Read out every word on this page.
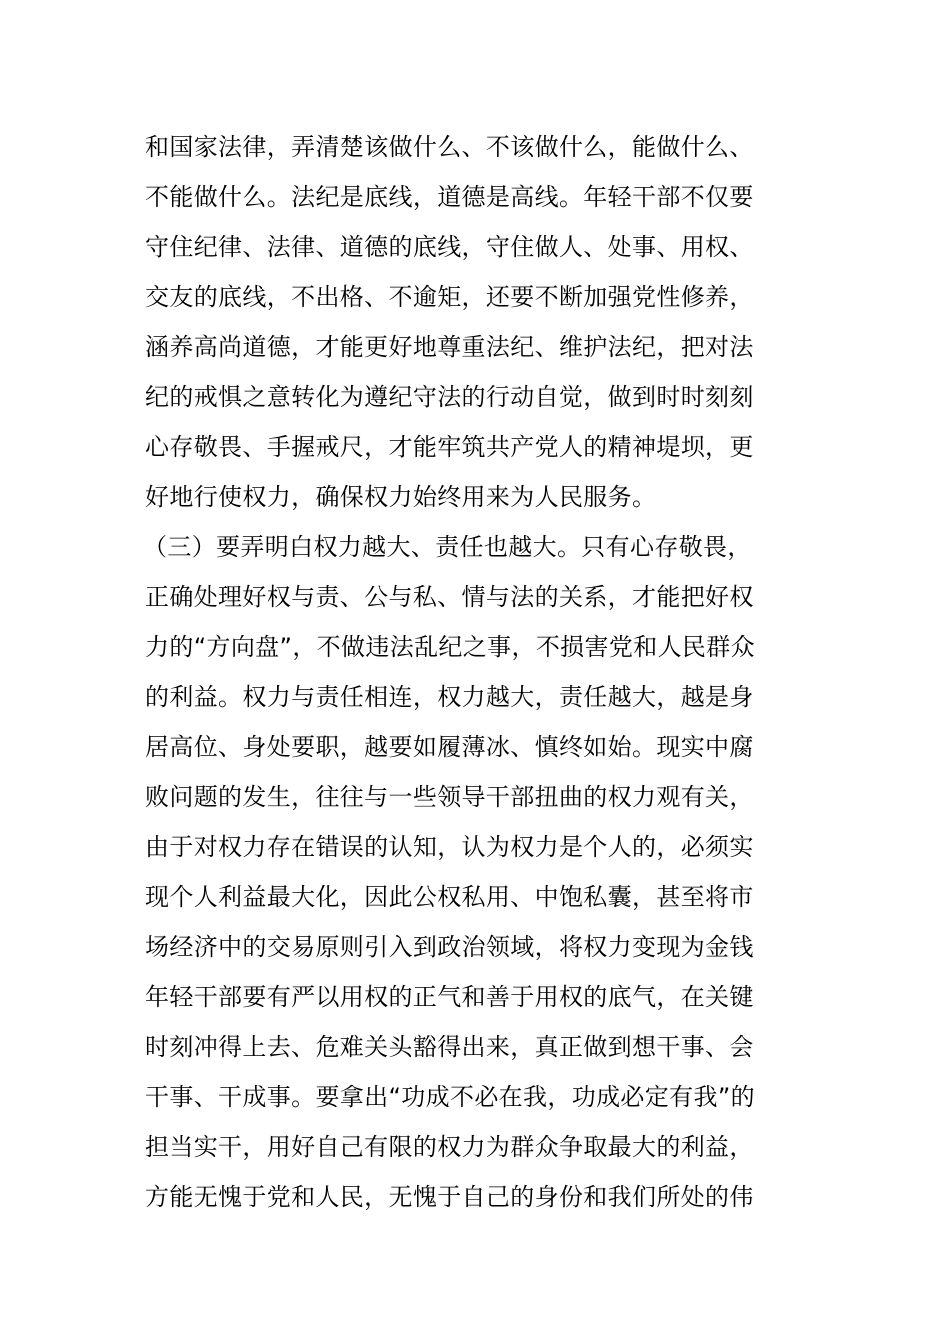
和国家法律，弄清楚该做什么、不该做什么，能做什么、
不能做什么。法纪是底线，道德是高线。年轻干部不仅要
守住纪律、法律、道德的底线，守住做人、处事、用权、
交友的底线，不出格、不逾矩，还要不断加强党性修养，
涵养高尚道德，才能更好地尊重法纪、维护法纪，把对法
纪的戒惧之意转化为遵纪守法的行动自觉，做到时时刻刻
心存敬畏、手握戒尺，才能牢筑共产党人的精神堤坝，更
好地行使权力，确保权力始终用来为人民服务。
（三）要弄明白权力越大、责任也越大。只有心存敬畏，
正确处理好权与责、公与私、情与法的关系，才能把好权
力的“方向盘”，不做违法乱纪之事，不损害党和人民群众
的利益。权力与责任相连，权力越大，责任越大，越是身
居高位、身处要职，越要如履薄冰、慎终如始。现实中腐
败问题的发生，往往与一些领导干部扭曲的权力观有关，
由于对权力存在错误的认知，认为权力是个人的，必须实
现个人利益最大化，因此公权私用、中饱私囊，甚至将市
场经济中的交易原则引入到政治领域，将权力变现为金钱
年轻干部要有严以用权的正气和善于用权的底气，在关键
时刻冲得上去、危难关头豁得出来，真正做到想干事、会
干事、干成事。要拿出“功成不必在我，功成必定有我”的
担当实干，用好自己有限的权力为群众争取最大的利益，
方能无愧于党和人民，无愧于自己的身份和我们所处的伟
